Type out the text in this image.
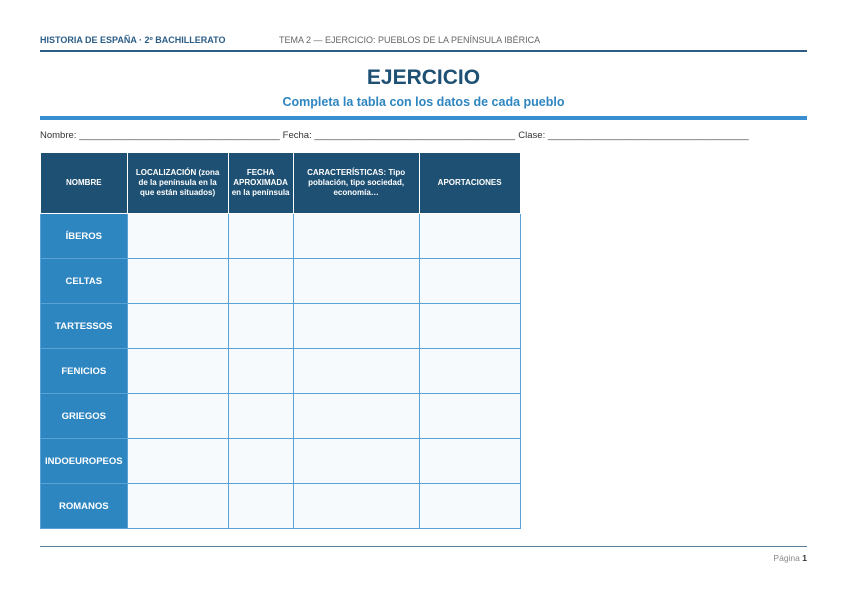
HISTORIA DE ESPAÑA · 2º BACHILLERATO	TEMA 2 — EJERCICIO: PUEBLOS DE LA PENÍNSULA IBÉRICA
EJERCICIO
Completa la tabla con los datos de cada pueblo
Nombre: ______________________________________ Fecha: ______________________________________ Clase: ______________________________________
NOMBRE	LOCALIZACIÓN (zona de la península en la que están situados)	FECHA APROXIMADA en la península	CARACTERÍSTICAS: Tipo población, tipo sociedad, economía…	APORTACIONES
ÍBEROS				
CELTAS				
TARTESSOS				
FENICIOS				
GRIEGOS				
INDOEUROPEOS				
ROMANOS				
Página 1
